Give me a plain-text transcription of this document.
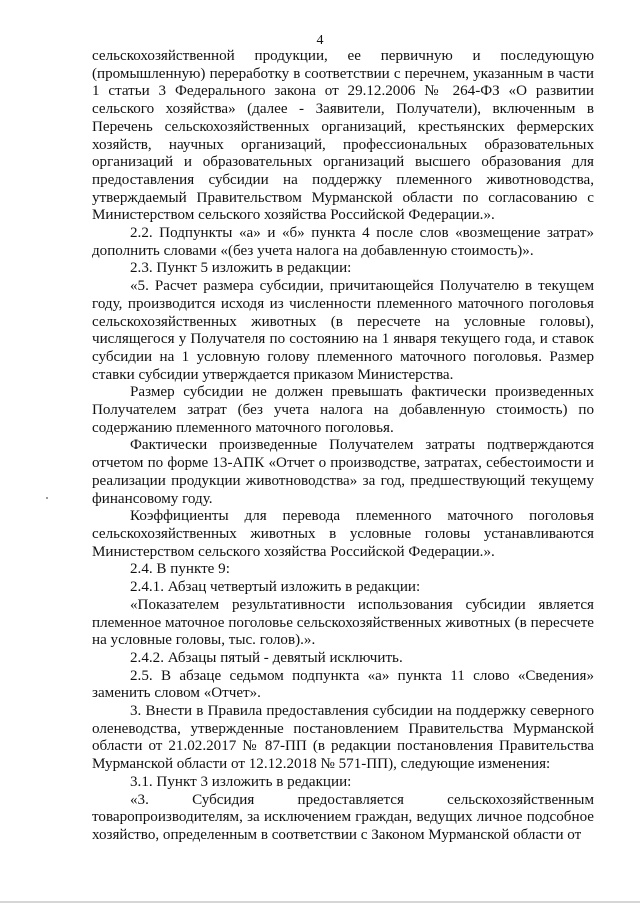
4

сельскохозяйственной продукции, ее первичную и последующую (промышленную) переработку в соответствии с перечнем, указанным в части 1 статьи 3 Федерального закона от 29.12.2006 № 264-ФЗ «О развитии сельского хозяйства» (далее - Заявители, Получатели), включенным в Перечень сельскохозяйственных организаций, крестьянских фермерских хозяйств, научных организаций, профессиональных образовательных организаций и образовательных организаций высшего образования для предоставления субсидии на поддержку племенного животноводства, утверждаемый Правительством Мурманской области по согласованию с Министерством сельского хозяйства Российской Федерации.».

2.2. Подпункты «а» и «б» пункта 4 после слов «возмещение затрат» дополнить словами «(без учета налога на добавленную стоимость)».

2.3. Пункт 5 изложить в редакции:

«5. Расчет размера субсидии, причитающейся Получателю в текущем году, производится исходя из численности племенного маточного поголовья сельскохозяйственных животных (в пересчете на условные головы), числящегося у Получателя по состоянию на 1 января текущего года, и ставок субсидии на 1 условную голову племенного маточного поголовья. Размер ставки субсидии утверждается приказом Министерства.

Размер субсидии не должен превышать фактически произведенных Получателем затрат (без учета налога на добавленную стоимость) по содержанию племенного маточного поголовья.

Фактически произведенные Получателем затраты подтверждаются отчетом по форме 13-АПК «Отчет о производстве, затратах, себестоимости и реализации продукции животноводства» за год, предшествующий текущему финансовому году.

Коэффициенты для перевода племенного маточного поголовья сельскохозяйственных животных в условные головы устанавливаются Министерством сельского хозяйства Российской Федерации.».

2.4. В пункте 9:

2.4.1. Абзац четвертый изложить в редакции:

«Показателем результативности использования субсидии является племенное маточное поголовье сельскохозяйственных животных (в пересчете на условные головы, тыс. голов).».

2.4.2. Абзацы пятый - девятый исключить.

2.5. В абзаце седьмом подпункта «а» пункта 11 слово «Сведения» заменить словом «Отчет».

3. Внести в Правила предоставления субсидии на поддержку северного оленеводства, утвержденные постановлением Правительства Мурманской области от 21.02.2017 № 87-ПП (в редакции постановления Правительства Мурманской области от 12.12.2018 № 571-ПП), следующие изменения:

3.1. Пункт 3 изложить в редакции:

«3. Субсидия предоставляется сельскохозяйственным товаропроизводителям, за исключением граждан, ведущих личное подсобное хозяйство, определенным в соответствии с Законом Мурманской области от
